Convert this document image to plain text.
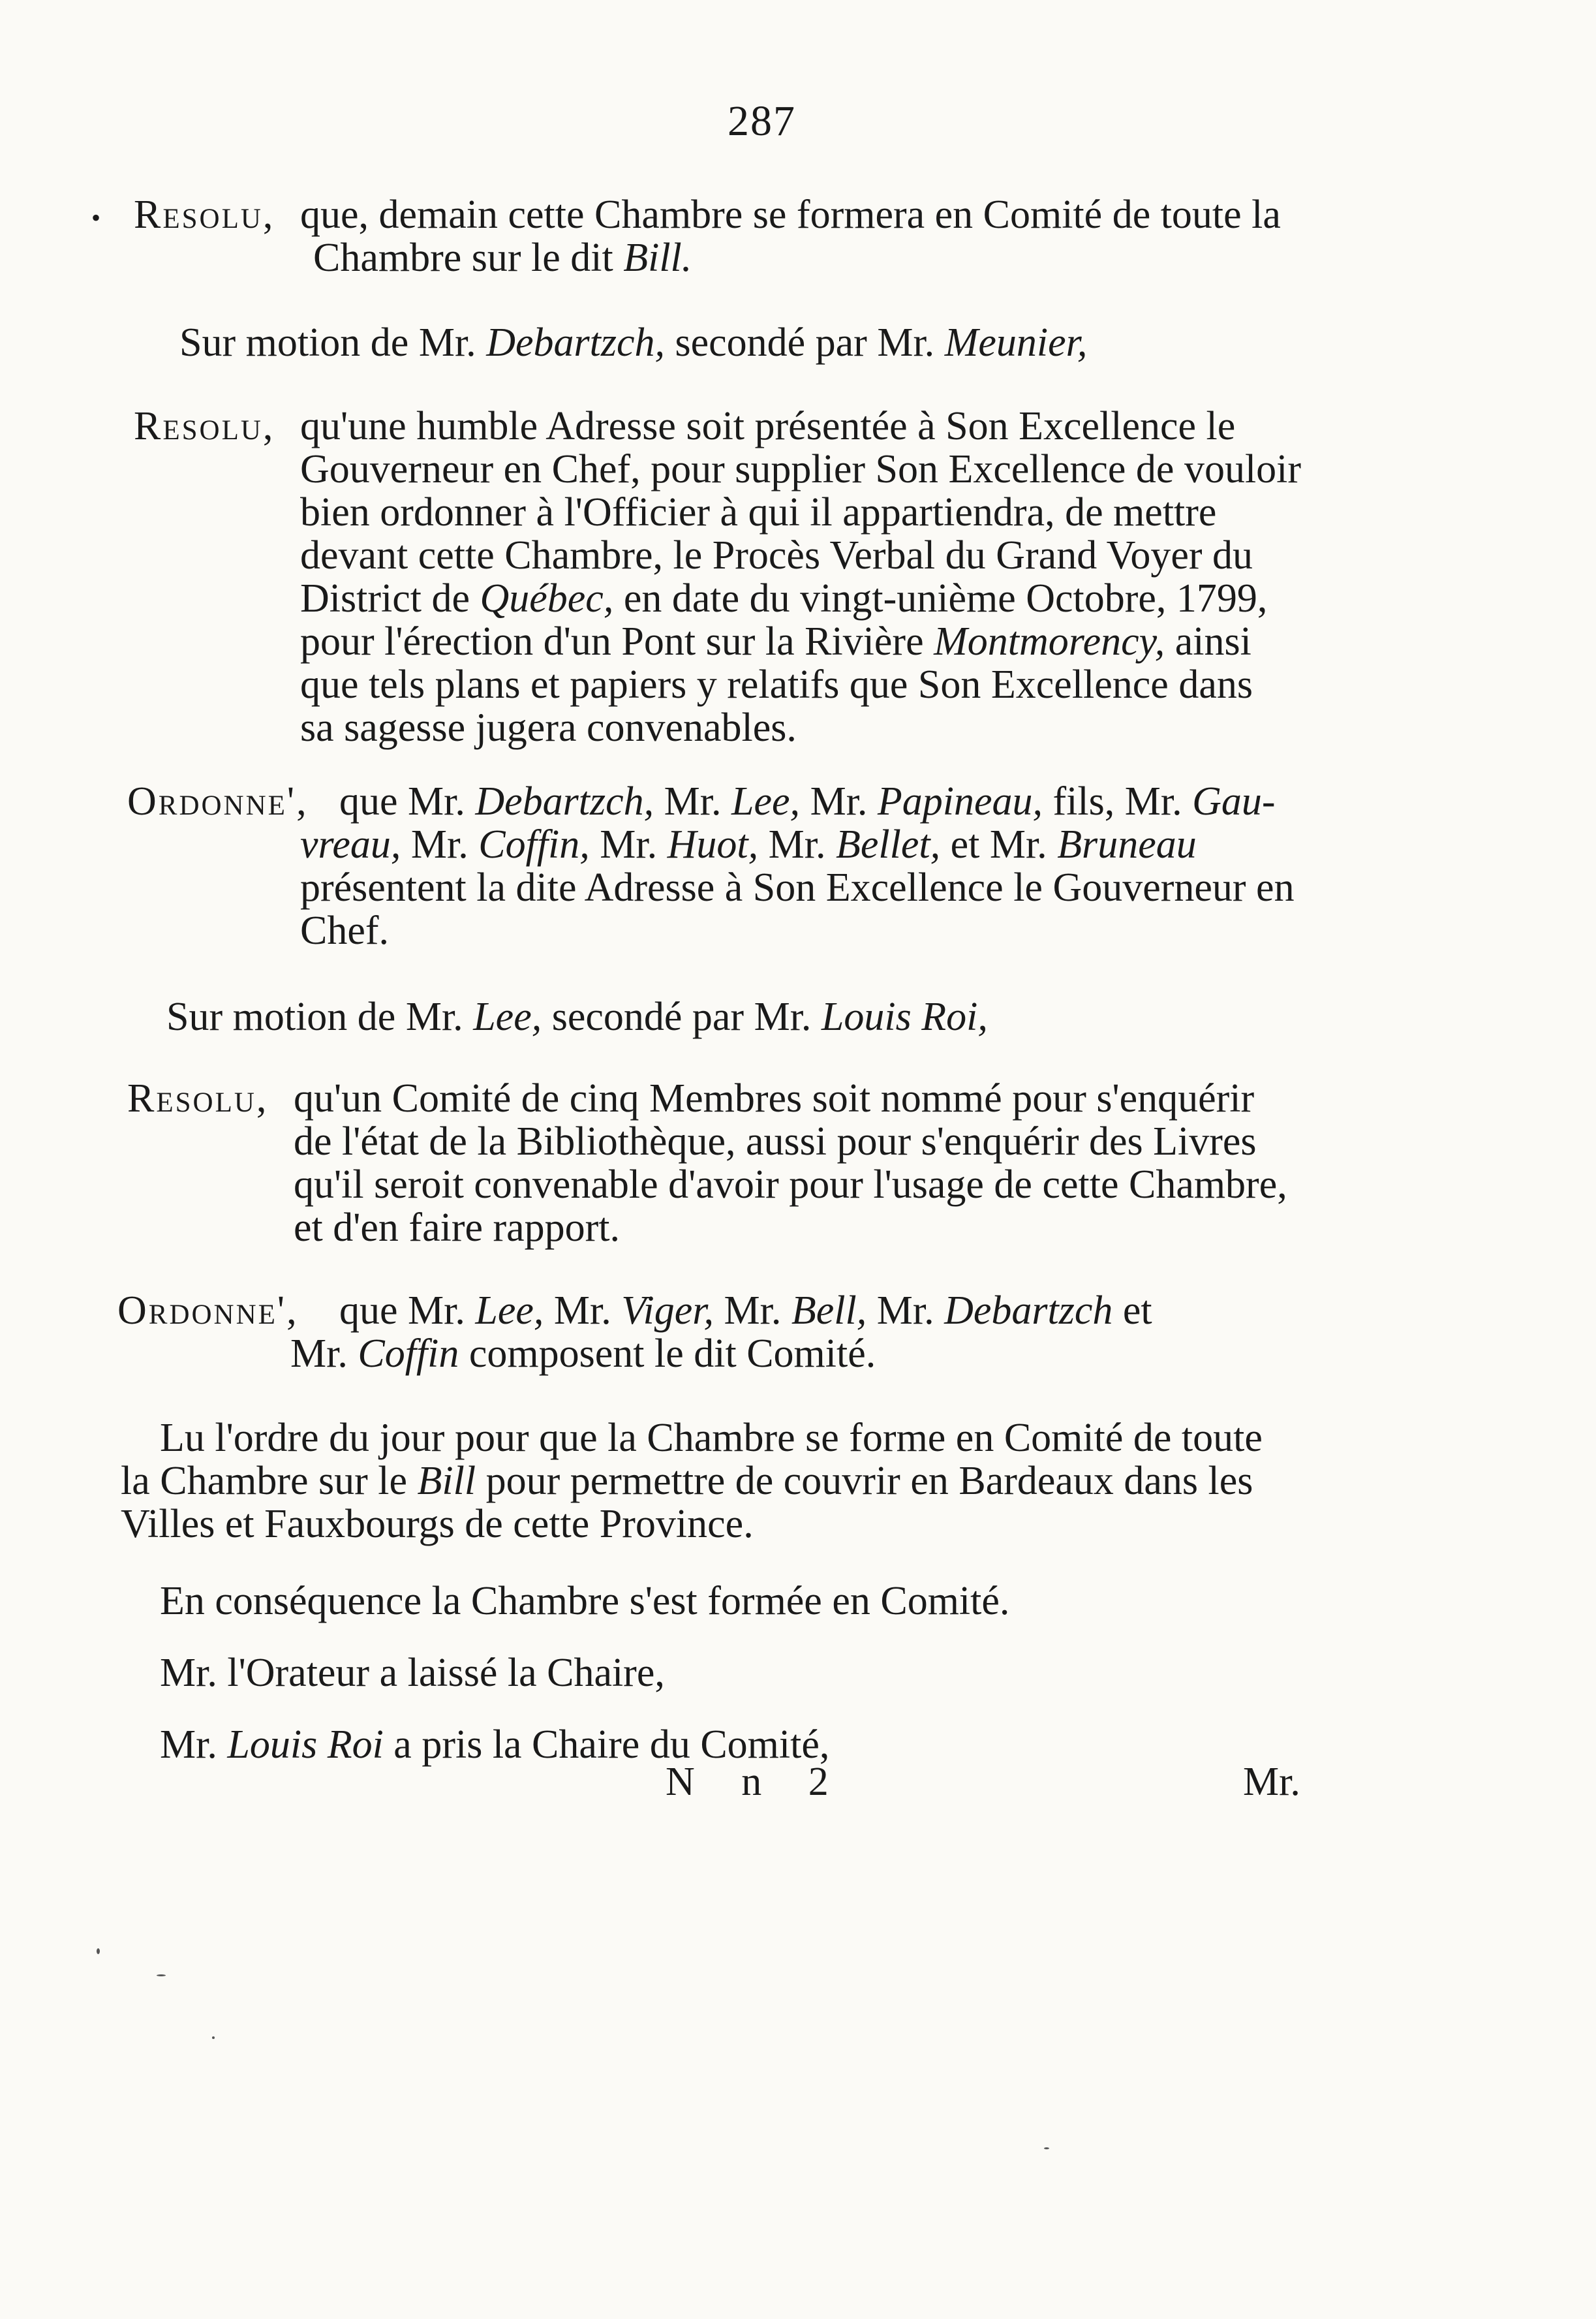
287
• Resolu, que, demain cette Chambre se formera en Comité de toute la
Chambre sur le dit Bill.
Sur motion de Mr. Debartzch, secondé par Mr. Meunier,
Resolu, qu'une humble Adresse soit présentée à Son Excellence le
Gouverneur en Chef, pour supplier Son Excellence de vouloir
bien ordonner à l'Officier à qui il appartiendra, de mettre
devant cette Chambre, le Procès Verbal du Grand Voyer du
District de Québec, en date du vingt-unième Octobre, 1799,
pour l'érection d'un Pont sur la Rivière Montmorency, ainsi
que tels plans et papiers y relatifs que Son Excellence dans
sa sagesse jugera convenables.
Ordonne', que Mr. Debartzch, Mr. Lee, Mr. Papineau, fils, Mr. Gau-
vreau, Mr. Coffin, Mr. Huot, Mr. Bellet, et Mr. Bruneau
présentent la dite Adresse à Son Excellence le Gouverneur en
Chef.
Sur motion de Mr. Lee, secondé par Mr. Louis Roi,
Resolu, qu'un Comité de cinq Membres soit nommé pour s'enquérir
de l'état de la Bibliothèque, aussi pour s'enquérir des Livres
qu'il seroit convenable d'avoir pour l'usage de cette Chambre,
et d'en faire rapport.
Ordonne', que Mr. Lee, Mr. Viger, Mr. Bell, Mr. Debartzch et
Mr. Coffin composent le dit Comité.
Lu l'ordre du jour pour que la Chambre se forme en Comité de toute
la Chambre sur le Bill pour permettre de couvrir en Bardeaux dans les
Villes et Fauxbourgs de cette Province.
En conséquence la Chambre s'est formée en Comité.
Mr. l'Orateur a laissé la Chaire,
Mr. Louis Roi a pris la Chaire du Comité,
N n 2	Mr.
